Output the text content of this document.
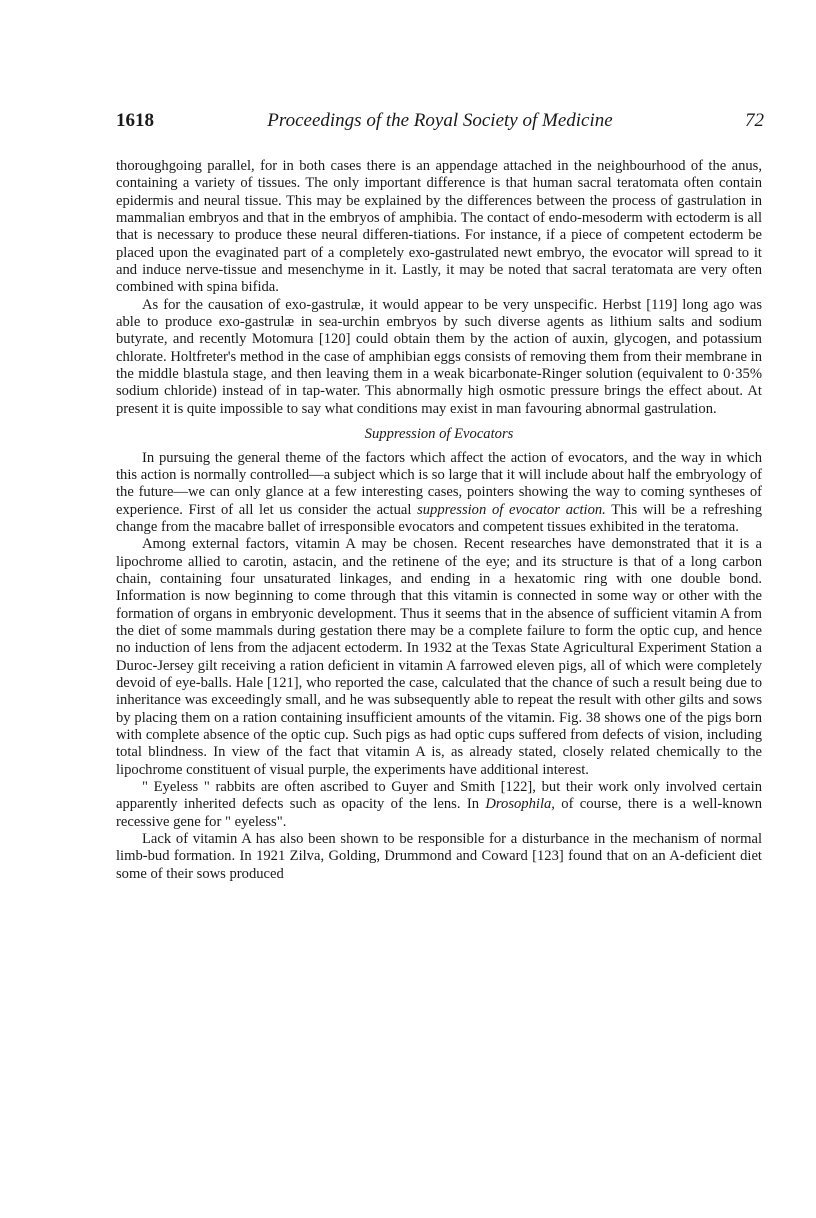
1618	Proceedings of the Royal Society of Medicine	72

thoroughgoing parallel, for in both cases there is an appendage attached in the neighbourhood of the anus, containing a variety of tissues. The only important difference is that human sacral teratomata often contain epidermis and neural tissue. This may be explained by the differences between the process of gastrulation in mammalian embryos and that in the embryos of amphibia. The contact of endo-mesoderm with ectoderm is all that is necessary to produce these neural differen-tiations. For instance, if a piece of competent ectoderm be placed upon the evaginated part of a completely exo-gastrulated newt embryo, the evocator will spread to it and induce nerve-tissue and mesenchyme in it. Lastly, it may be noted that sacral teratomata are very often combined with spina bifida.

As for the causation of exo-gastrulæ, it would appear to be very unspecific. Herbst [119] long ago was able to produce exo-gastrulæ in sea-urchin embryos by such diverse agents as lithium salts and sodium butyrate, and recently Motomura [120] could obtain them by the action of auxin, glycogen, and potassium chlorate. Holtfreter's method in the case of amphibian eggs consists of removing them from their membrane in the middle blastula stage, and then leaving them in a weak bicarbonate-Ringer solution (equivalent to 0·35% sodium chloride) instead of in tap-water. This abnormally high osmotic pressure brings the effect about. At present it is quite impossible to say what conditions may exist in man favouring abnormal gastrulation.

Suppression of Evocators

In pursuing the general theme of the factors which affect the action of evocators, and the way in which this action is normally controlled—a subject which is so large that it will include about half the embryology of the future—we can only glance at a few interesting cases, pointers showing the way to coming syntheses of experience. First of all let us consider the actual suppression of evocator action. This will be a refreshing change from the macabre ballet of irresponsible evocators and competent tissues exhibited in the teratoma.

Among external factors, vitamin A may be chosen. Recent researches have demonstrated that it is a lipochrome allied to carotin, astacin, and the retinene of the eye; and its structure is that of a long carbon chain, containing four unsaturated linkages, and ending in a hexatomic ring with one double bond. Information is now beginning to come through that this vitamin is connected in some way or other with the formation of organs in embryonic development. Thus it seems that in the absence of sufficient vitamin A from the diet of some mammals during gestation there may be a complete failure to form the optic cup, and hence no induction of lens from the adjacent ectoderm. In 1932 at the Texas State Agricultural Experiment Station a Duroc-Jersey gilt receiving a ration deficient in vitamin A farrowed eleven pigs, all of which were completely devoid of eye-balls. Hale [121], who reported the case, calculated that the chance of such a result being due to inheritance was exceedingly small, and he was subsequently able to repeat the result with other gilts and sows by placing them on a ration containing insufficient amounts of the vitamin. Fig. 38 shows one of the pigs born with complete absence of the optic cup. Such pigs as had optic cups suffered from defects of vision, including total blindness. In view of the fact that vitamin A is, as already stated, closely related chemically to the lipochrome constituent of visual purple, the experiments have additional interest.

" Eyeless " rabbits are often ascribed to Guyer and Smith [122], but their work only involved certain apparently inherited defects such as opacity of the lens. In Drosophila, of course, there is a well-known recessive gene for " eyeless".

Lack of vitamin A has also been shown to be responsible for a disturbance in the mechanism of normal limb-bud formation. In 1921 Zilva, Golding, Drummond and Coward [123] found that on an A-deficient diet some of their sows produced
